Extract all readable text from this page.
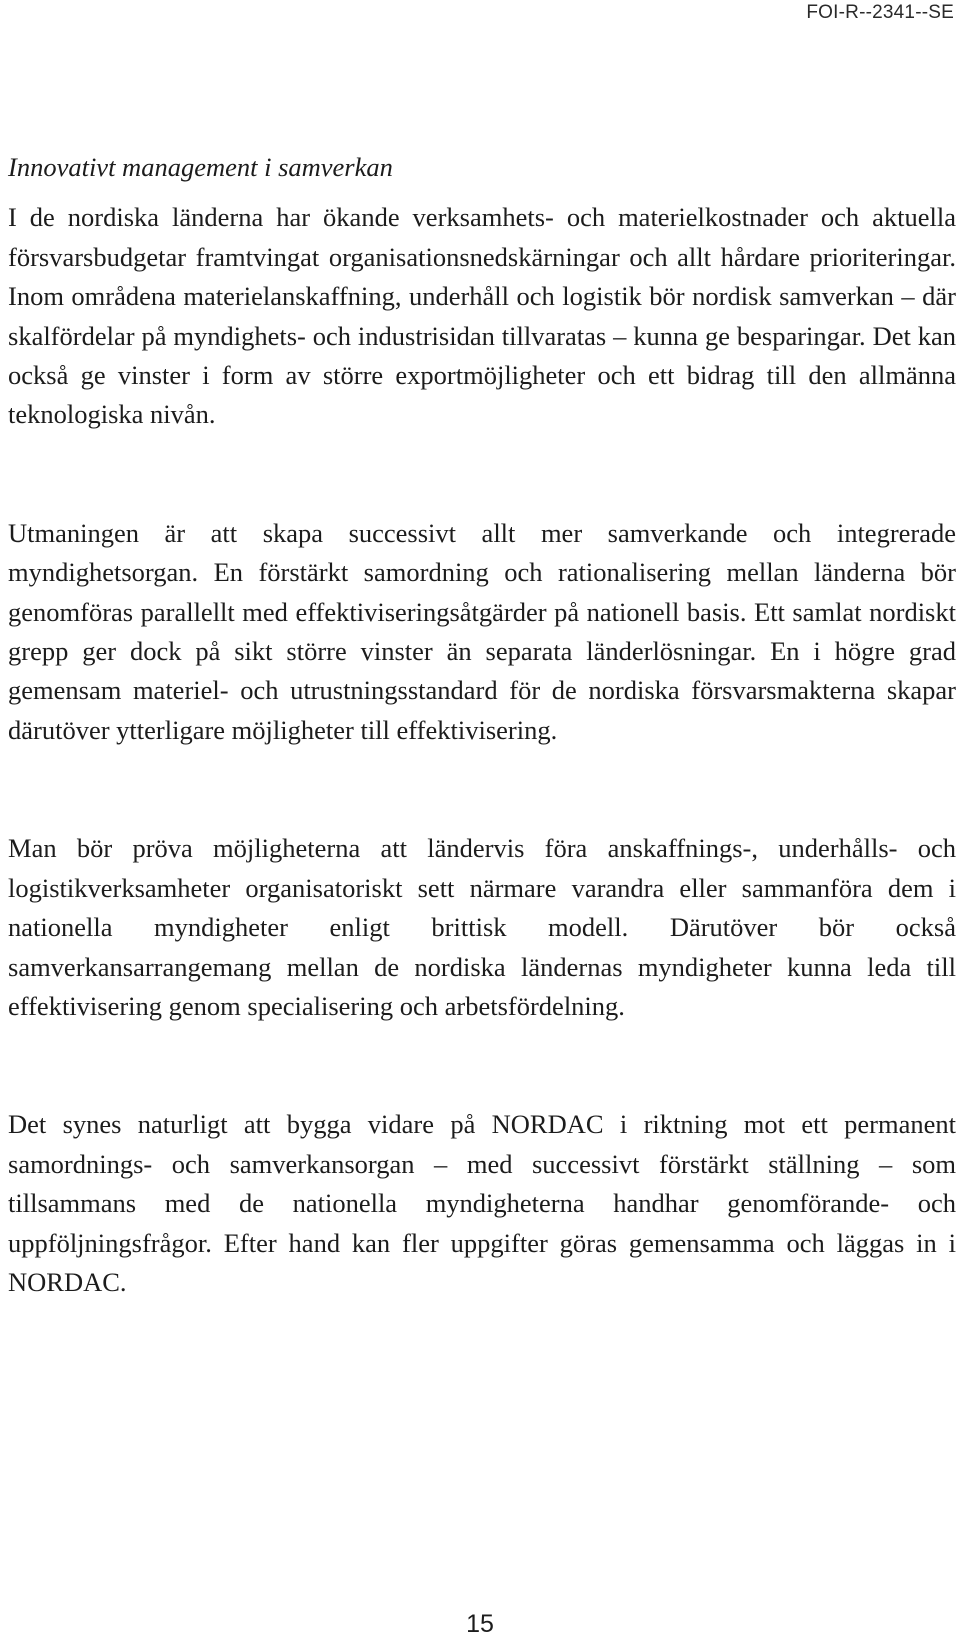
FOI-R--2341--SE

Innovativt management i samverkan

I de nordiska länderna har ökande verksamhets- och materielkostnader och aktuella försvarsbudgetar framtvingat organisationsnedskärningar och allt hårdare prioriteringar. Inom områdena materielanskaffning, underhåll och logistik bör nordisk samverkan – där skalfördelar på myndighets- och industrisidan tillvaratas – kunna ge besparingar. Det kan också ge vinster i form av större exportmöjligheter och ett bidrag till den allmänna teknologiska nivån.

Utmaningen är att skapa successivt allt mer samverkande och integrerade myndighetsorgan. En förstärkt samordning och rationalisering mellan länderna bör genomföras parallellt med effektiviseringsåtgärder på nationell basis. Ett samlat nordiskt grepp ger dock på sikt större vinster än separata länderlösningar. En i högre grad gemensam materiel- och utrustningsstandard för de nordiska försvarsmakterna skapar därutöver ytterligare möjligheter till effektivisering.

Man bör pröva möjligheterna att ländervis föra anskaffnings-, underhålls- och logistikverksamheter organisatoriskt sett närmare varandra eller sammanföra dem i nationella myndigheter enligt brittisk modell. Därutöver bör också samverkansarrangemang mellan de nordiska ländernas myndigheter kunna leda till effektivisering genom specialisering och arbetsfördelning.

Det synes naturligt att bygga vidare på NORDAC i riktning mot ett permanent samordnings- och samverkansorgan – med successivt förstärkt ställning – som tillsammans med de nationella myndigheterna handhar genomförande- och uppföljningsfrågor. Efter hand kan fler uppgifter göras gemensamma och läggas in i NORDAC.

15
